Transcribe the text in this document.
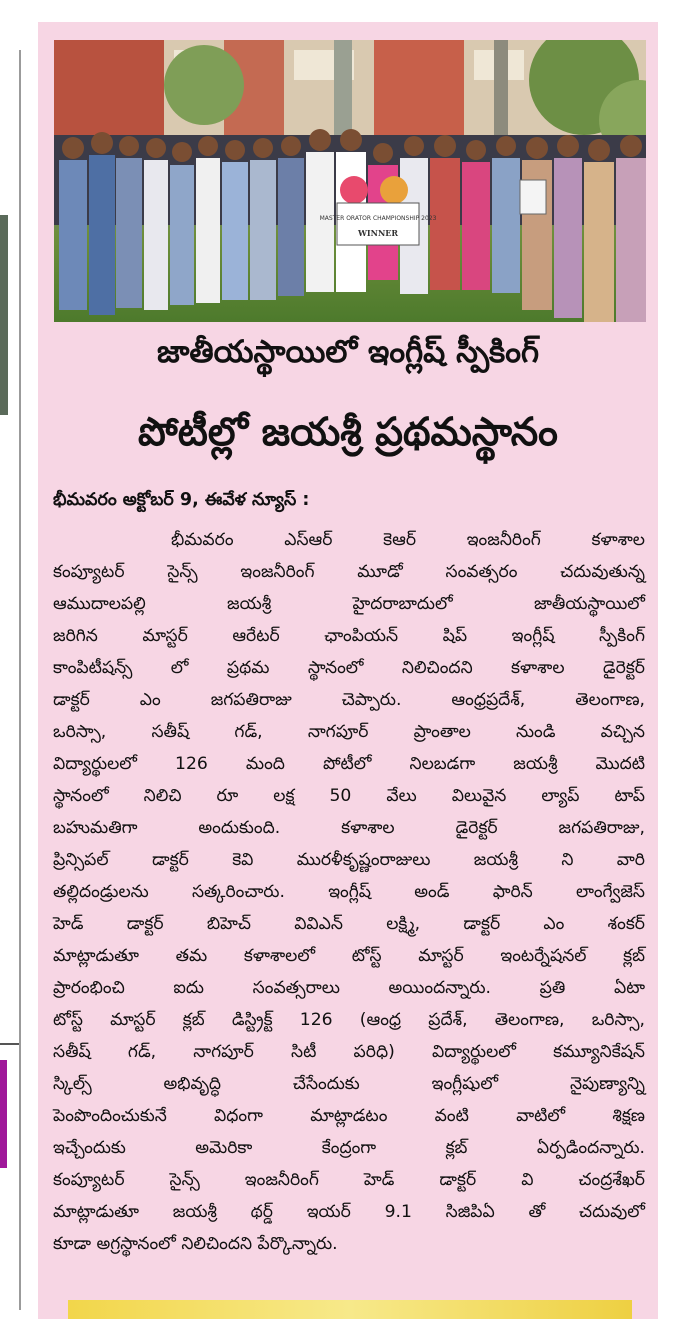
MASTER ORATOR CHAMPIONSHIP 2023
WINNER
జాతీయస్థాయిలో ఇంగ్లీష్ స్పీకింగ్
పోటీల్లో జయశ్రీ ప్రథమస్థానం
భీమవరం అక్టోబర్ 9, ఈవేళ న్యూస్ :
భీమవరం ఎస్ఆర్ కెఆర్ ఇంజనీరింగ్ కళాశాల
కంప్యూటర్ సైన్స్ ఇంజనీరింగ్ మూడో సంవత్సరం చదువుతున్న
ఆముదాలపల్లి జయశ్రీ హైదరాబాదులో జాతీయస్థాయిలో
జరిగిన మాస్టర్ ఆరేటర్ ఛాంపియన్ షిప్ ఇంగ్లీష్ స్పీకింగ్
కాంపిటీషన్స్ లో ప్రథమ స్థానంలో నిలిచిందని కళాశాల డైరెక్టర్
డాక్టర్ ఎం జగపతిరాజు చెప్పారు. ఆంధ్రప్రదేశ్, తెలంగాణ,
ఒరిస్సా, సతీష్ గడ్, నాగపూర్ ప్రాంతాల నుండి వచ్చిన
విద్యార్థులలో 126 మంది పోటీలో నిలబడగా జయశ్రీ మొదటి
స్థానంలో నిలిచి రూ లక్ష 50 వేలు విలువైన ల్యాప్ టాప్
బహుమతిగా అందుకుంది. కళాశాల డైరెక్టర్ జగపతిరాజు,
ప్రిన్సిపల్ డాక్టర్ కెవి మురళీకృష్ణంరాజులు జయశ్రీ ని వారి
తల్లిదండ్రులను సత్కరించారు. ఇంగ్లీష్ అండ్ ఫారిన్ లాంగ్వేజెస్
హెడ్ డాక్టర్ బిహెచ్ వివిఎన్ లక్ష్మి, డాక్టర్ ఎం శంకర్
మాట్లాడుతూ తమ కళాశాలలో టోస్ట్ మాస్టర్ ఇంటర్నేషనల్ క్లబ్
ప్రారంభించి ఐదు సంవత్సరాలు అయిందన్నారు. ప్రతి ఏటా
టోస్ట్ మాస్టర్ క్లబ్ డిస్ట్రిక్ట్ 126 (ఆంధ్ర ప్రదేశ్, తెలంగాణ, ఒరిస్సా,
సతీష్ గడ్, నాగపూర్ సిటీ పరిధి) విద్యార్థులలో కమ్యూనికేషన్
స్కిల్స్ అభివృద్ధి చేసేందుకు ఇంగ్లీషులో నైపుణ్యాన్ని
పెంపొందించుకునే విధంగా మాట్లాడటం వంటి వాటిలో శిక్షణ
ఇచ్చేందుకు అమెరికా కేంద్రంగా క్లబ్ ఏర్పడిందన్నారు.
కంప్యూటర్ సైన్స్ ఇంజనీరింగ్ హెడ్ డాక్టర్ వి చంద్రశేఖర్
మాట్లాడుతూ జయశ్రీ థర్డ్ ఇయర్ 9.1 సిజిపిఏ తో చదువులో
కూడా అగ్రస్థానంలో నిలిచిందని పేర్కొన్నారు.
